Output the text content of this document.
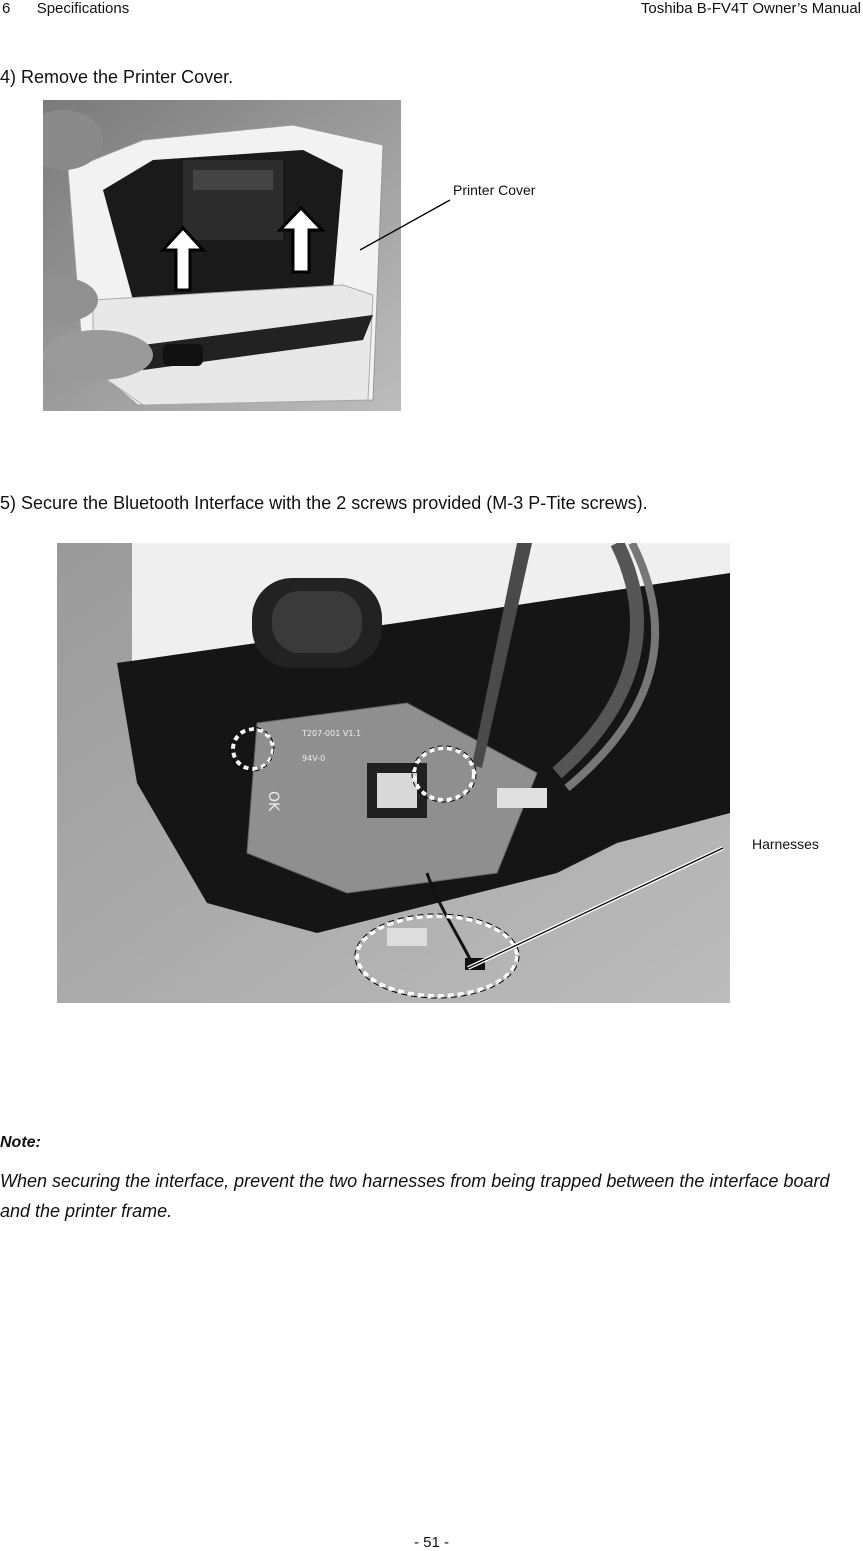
6 Specifications	Toshiba B-FV4T Owner’s Manual
4) Remove the Printer Cover.
Printer Cover
5) Secure the Bluetooth Interface with the 2 screws provided (M-3 P-Tite screws).
T207-001 V1.1
94V-0
OK
Harnesses
Note:
When securing the interface, prevent the two harnesses from being trapped between the interface board and the printer frame.
- 51 -
